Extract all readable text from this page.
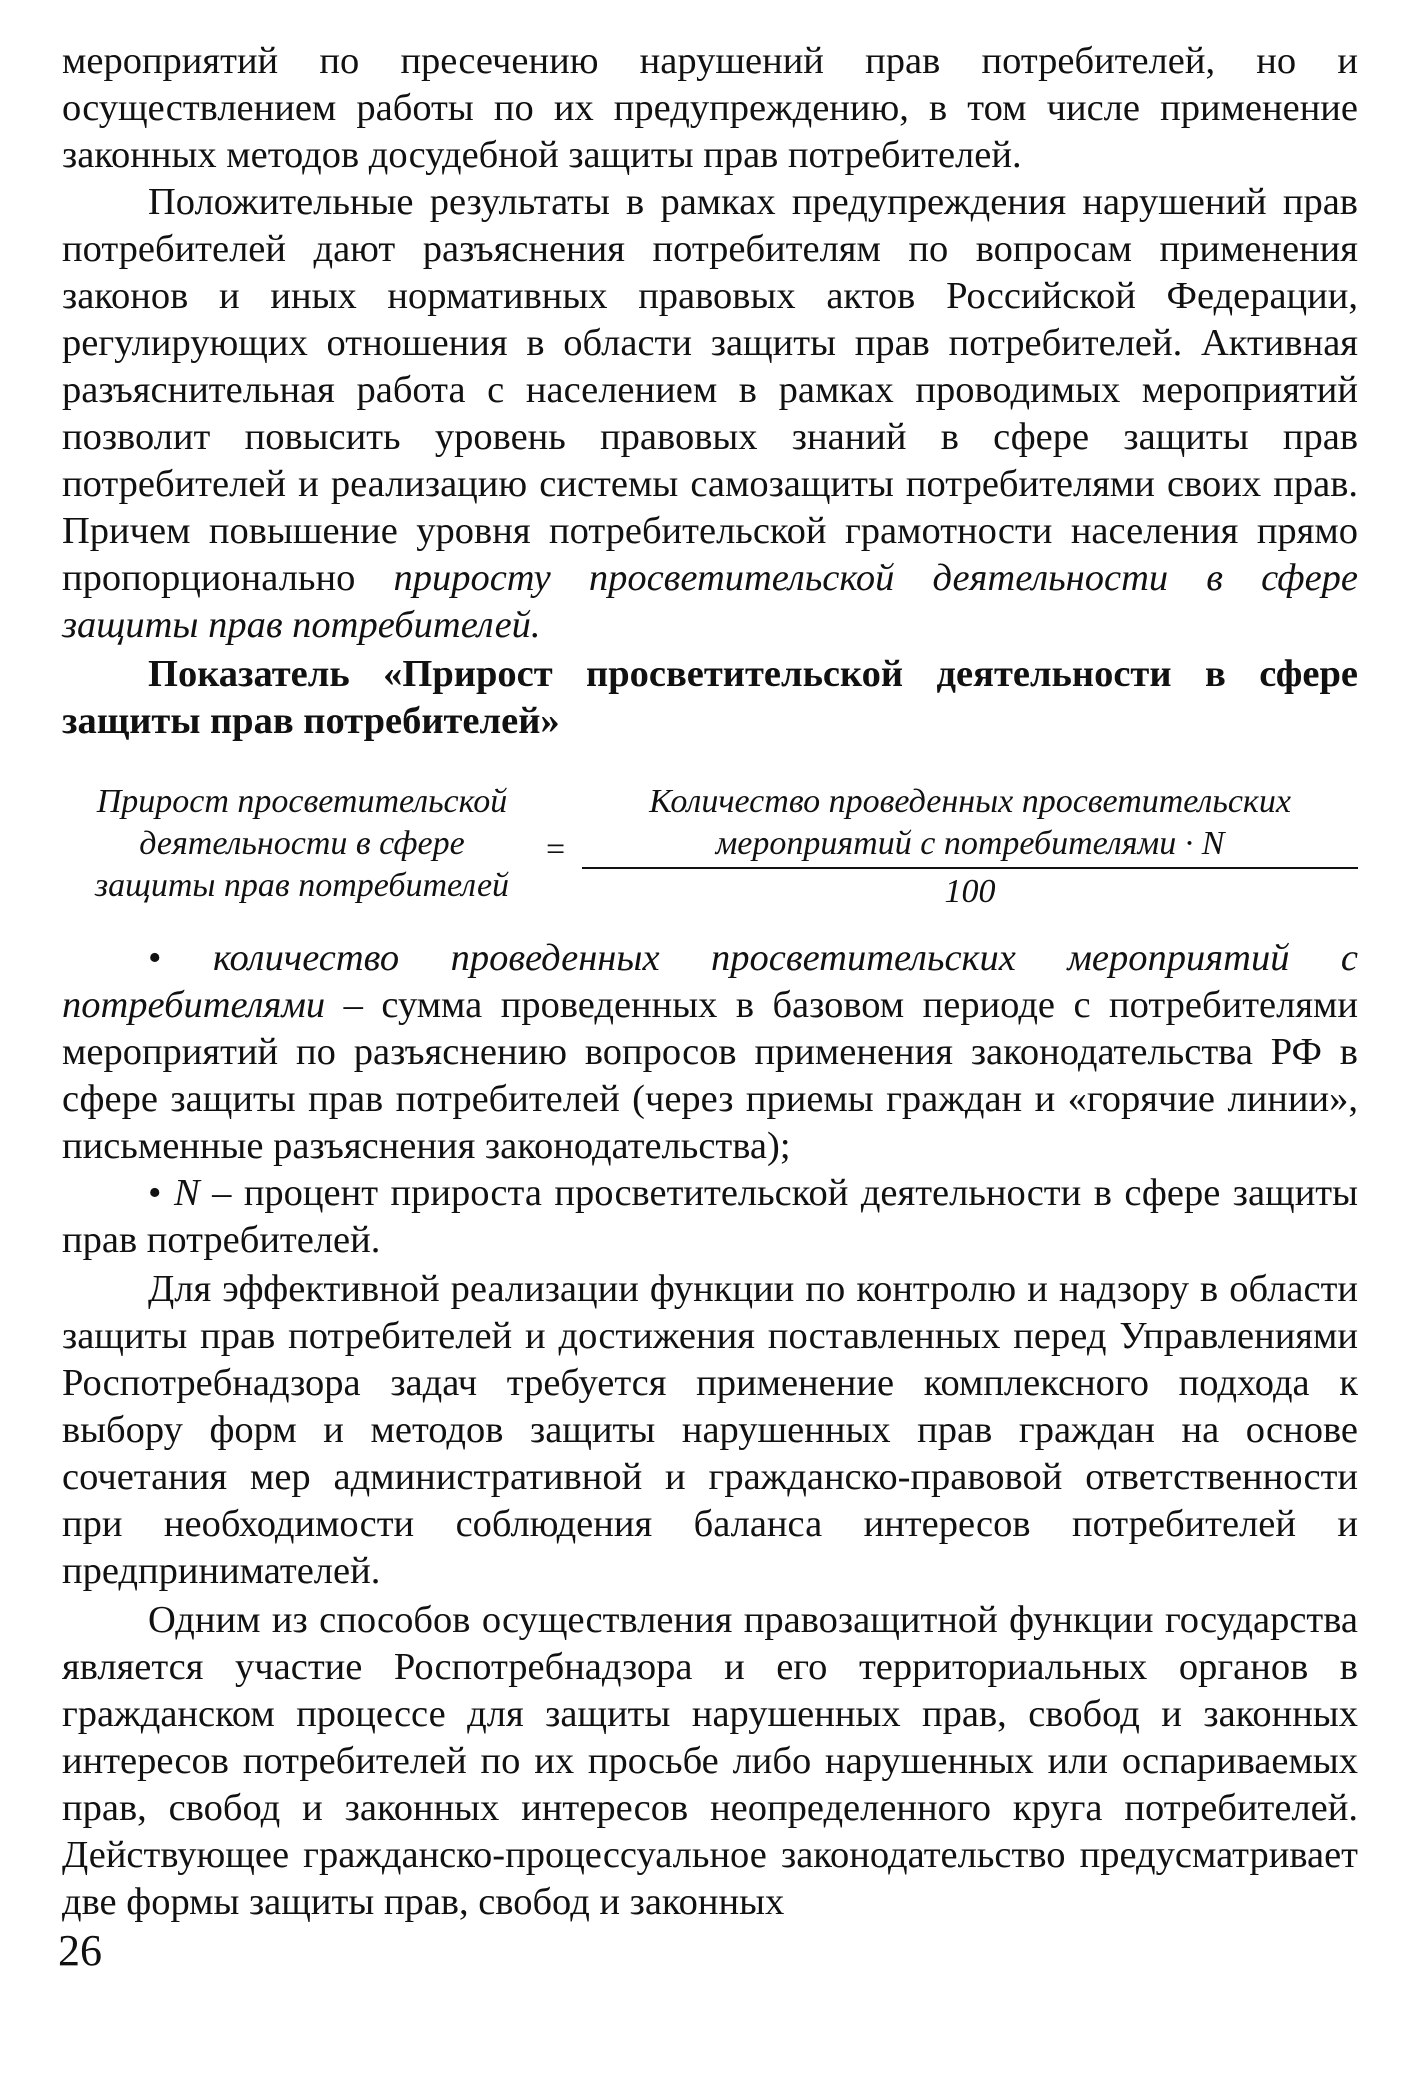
мероприятий по пресечению нарушений прав потребителей, но и осуществлением работы по их предупреждению, в том числе применение законных методов досудебной защиты прав потребителей.

Положительные результаты в рамках предупреждения нарушений прав потребителей дают разъяснения потребителям по вопросам применения законов и иных нормативных правовых актов Российской Федерации, регулирующих отношения в области защиты прав потребителей. Активная разъяснительная работа с населением в рамках проводимых мероприятий позволит повысить уровень правовых знаний в сфере защиты прав потребителей и реализацию системы самозащиты потребителями своих прав. Причем повышение уровня потребительской грамотности населения прямо пропорционально приросту просветительской деятельности в сфере защиты прав потребителей.

Показатель «Прирост просветительской деятельности в сфере защиты прав потребителей»

Прирост просветительской
деятельности в сфере
защиты прав потребителей
=
Количество проведенных просветительских
мероприятий с потребителями · N
100

• количество проведенных просветительских мероприятий с потребителями – сумма проведенных в базовом периоде с потребителями мероприятий по разъяснению вопросов применения законодательства РФ в сфере защиты прав потребителей (через приемы граждан и «горячие линии», письменные разъяснения законодательства);

• N – процент прироста просветительской деятельности в сфере защиты прав потребителей.

Для эффективной реализации функции по контролю и надзору в области защиты прав потребителей и достижения поставленных перед Управлениями Роспотребнадзора задач требуется применение комплексного подхода к выбору форм и методов защиты нарушенных прав граждан на основе сочетания мер административной и гражданско-правовой ответственности при необходимости соблюдения баланса интересов потребителей и предпринимателей.

Одним из способов осуществления правозащитной функции государства является участие Роспотребнадзора и его территориальных органов в гражданском процессе для защиты нарушенных прав, свобод и законных интересов потребителей по их просьбе либо нарушенных или оспариваемых прав, свобод и законных интересов неопределенного круга потребителей. Действующее гражданско-процессуальное законодательство предусматривает две формы защиты прав, свобод и законных

26
